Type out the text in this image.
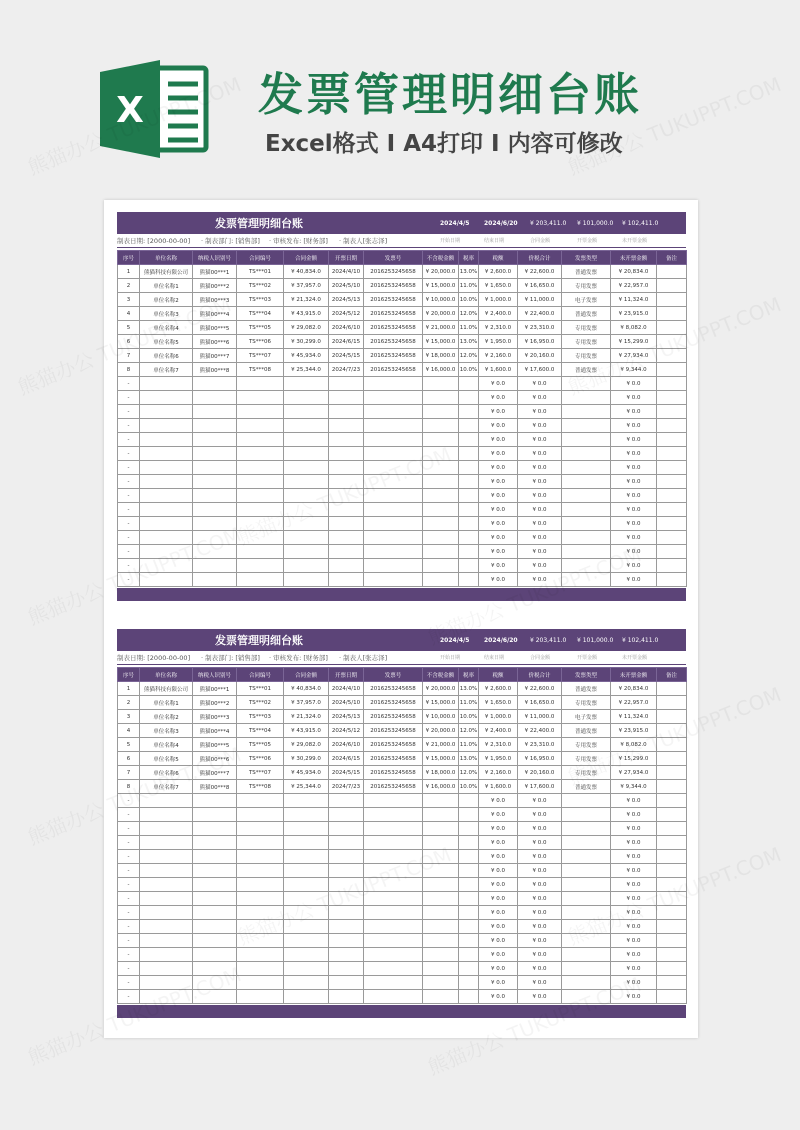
X	发票管理明细台账
Excel格式 I A4打印 I 内容可修改
发票管理明细台账	2024/4/5 2024/6/20 ¥ 203,411.0 ¥ 101,000.0 ¥ 102,411.0
制表日期: [2000-00-00] · 制表部门: [销售部] · 审核发布: [财务部] · 制表人[张志泽]	开始日期	结束日期	合同金额	开票金额	未开票金额
序号	单位名称	纳税人识别号	合同编号	合同金额	开票日期	发票号	不含税金额	税率	税额	价税合计	发票类型	未开票金额	备注
1	熊猫科技有限公司	熊猫00***1	TS***01	¥ 40,834.0	2024/4/10	2016253245658	¥ 20,000.0	13.0%	¥ 2,600.0	¥ 22,600.0	普通发票	¥ 20,834.0	
2	单位名称1	熊猫00***2	TS***02	¥ 37,957.0	2024/5/10	2016253245658	¥ 15,000.0	11.0%	¥ 1,650.0	¥ 16,650.0	专用发票	¥ 22,957.0	
3	单位名称2	熊猫00***3	TS***03	¥ 21,324.0	2024/5/13	2016253245658	¥ 10,000.0	10.0%	¥ 1,000.0	¥ 11,000.0	电子发票	¥ 11,324.0	
4	单位名称3	熊猫00***4	TS***04	¥ 43,915.0	2024/5/12	2016253245658	¥ 20,000.0	12.0%	¥ 2,400.0	¥ 22,400.0	普通发票	¥ 23,915.0	
5	单位名称4	熊猫00***5	TS***05	¥ 29,082.0	2024/6/10	2016253245658	¥ 21,000.0	11.0%	¥ 2,310.0	¥ 23,310.0	专用发票	¥ 8,082.0	
6	单位名称5	熊猫00***6	TS***06	¥ 30,299.0	2024/6/15	2016253245658	¥ 15,000.0	13.0%	¥ 1,950.0	¥ 16,950.0	专用发票	¥ 15,299.0	
7	单位名称6	熊猫00***7	TS***07	¥ 45,934.0	2024/5/15	2016253245658	¥ 18,000.0	12.0%	¥ 2,160.0	¥ 20,160.0	专用发票	¥ 27,934.0	
8	单位名称7	熊猫00***8	TS***08	¥ 25,344.0	2024/7/23	2016253245658	¥ 16,000.0	10.0%	¥ 1,600.0	¥ 17,600.0	普通发票	¥ 9,344.0	
-									¥ 0.0	¥ 0.0		¥ 0.0	
-									¥ 0.0	¥ 0.0		¥ 0.0	
-									¥ 0.0	¥ 0.0		¥ 0.0	
-									¥ 0.0	¥ 0.0		¥ 0.0	
-									¥ 0.0	¥ 0.0		¥ 0.0	
-									¥ 0.0	¥ 0.0		¥ 0.0	
-									¥ 0.0	¥ 0.0		¥ 0.0	
-									¥ 0.0	¥ 0.0		¥ 0.0	
-									¥ 0.0	¥ 0.0		¥ 0.0	
-									¥ 0.0	¥ 0.0		¥ 0.0	
-									¥ 0.0	¥ 0.0		¥ 0.0	
-									¥ 0.0	¥ 0.0		¥ 0.0	
-									¥ 0.0	¥ 0.0		¥ 0.0	
-									¥ 0.0	¥ 0.0		¥ 0.0	
-									¥ 0.0	¥ 0.0		¥ 0.0	
发票管理明细台账	2024/4/5 2024/6/20 ¥ 203,411.0 ¥ 101,000.0 ¥ 102,411.0
制表日期: [2000-00-00] · 制表部门: [销售部] · 审核发布: [财务部] · 制表人[张志泽]	开始日期	结束日期	合同金额	开票金额	未开票金额
序号	单位名称	纳税人识别号	合同编号	合同金额	开票日期	发票号	不含税金额	税率	税额	价税合计	发票类型	未开票金额	备注
1	熊猫科技有限公司	熊猫00***1	TS***01	¥ 40,834.0	2024/4/10	2016253245658	¥ 20,000.0	13.0%	¥ 2,600.0	¥ 22,600.0	普通发票	¥ 20,834.0	
2	单位名称1	熊猫00***2	TS***02	¥ 37,957.0	2024/5/10	2016253245658	¥ 15,000.0	11.0%	¥ 1,650.0	¥ 16,650.0	专用发票	¥ 22,957.0	
3	单位名称2	熊猫00***3	TS***03	¥ 21,324.0	2024/5/13	2016253245658	¥ 10,000.0	10.0%	¥ 1,000.0	¥ 11,000.0	电子发票	¥ 11,324.0	
4	单位名称3	熊猫00***4	TS***04	¥ 43,915.0	2024/5/12	2016253245658	¥ 20,000.0	12.0%	¥ 2,400.0	¥ 22,400.0	普通发票	¥ 23,915.0	
5	单位名称4	熊猫00***5	TS***05	¥ 29,082.0	2024/6/10	2016253245658	¥ 21,000.0	11.0%	¥ 2,310.0	¥ 23,310.0	专用发票	¥ 8,082.0	
6	单位名称5	熊猫00***6	TS***06	¥ 30,299.0	2024/6/15	2016253245658	¥ 15,000.0	13.0%	¥ 1,950.0	¥ 16,950.0	专用发票	¥ 15,299.0	
7	单位名称6	熊猫00***7	TS***07	¥ 45,934.0	2024/5/15	2016253245658	¥ 18,000.0	12.0%	¥ 2,160.0	¥ 20,160.0	专用发票	¥ 27,934.0	
8	单位名称7	熊猫00***8	TS***08	¥ 25,344.0	2024/7/23	2016253245658	¥ 16,000.0	10.0%	¥ 1,600.0	¥ 17,600.0	普通发票	¥ 9,344.0	
-									¥ 0.0	¥ 0.0		¥ 0.0	
-									¥ 0.0	¥ 0.0		¥ 0.0	
-									¥ 0.0	¥ 0.0		¥ 0.0	
-									¥ 0.0	¥ 0.0		¥ 0.0	
-									¥ 0.0	¥ 0.0		¥ 0.0	
-									¥ 0.0	¥ 0.0		¥ 0.0	
-									¥ 0.0	¥ 0.0		¥ 0.0	
-									¥ 0.0	¥ 0.0		¥ 0.0	
-									¥ 0.0	¥ 0.0		¥ 0.0	
-									¥ 0.0	¥ 0.0		¥ 0.0	
-									¥ 0.0	¥ 0.0		¥ 0.0	
-									¥ 0.0	¥ 0.0		¥ 0.0	
-									¥ 0.0	¥ 0.0		¥ 0.0	
-									¥ 0.0	¥ 0.0		¥ 0.0	
-									¥ 0.0	¥ 0.0		¥ 0.0	
